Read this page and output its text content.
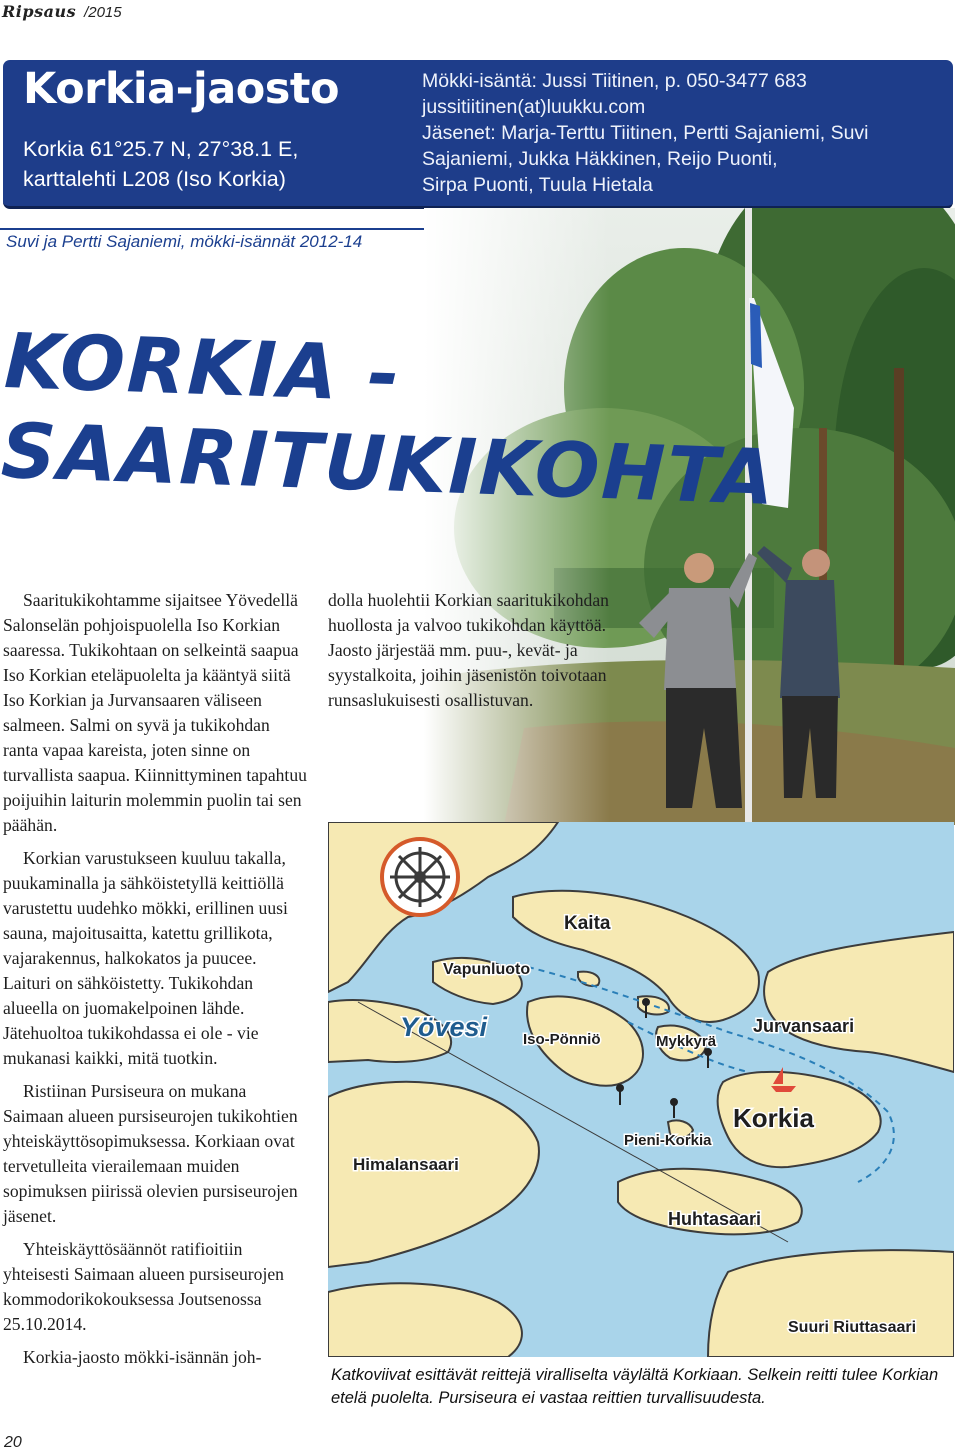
Ripsaus /2015
Korkia-jaosto
Korkia 61°25.7 N, 27°38.1 E,
karttalehti L208 (Iso Korkia)
Mökki-isäntä: Jussi Tiitinen, p. 050-3477 683
jussitiitinen(at)luukku.com
Jäsenet: Marja-Terttu Tiitinen, Pertti Sajaniemi, Suvi
Sajaniemi, Jukka Häkkinen, Reijo Puonti,
Sirpa Puonti, Tuula Hietala
Suvi ja Pertti Sajaniemi, mökki-isännät 2012-14
KORKIA -
SAARITUKIKOHTA

Saaritukikohtamme sijaitsee Yövedellä Salonselän pohjoispuolella Iso Korkian saaressa. Tukikohtaan on selkeintä saapua Iso Korkian eteläpuolelta ja kääntyä siitä Iso Korkian ja Jurvansaaren väliseen salmeen. Salmi on syvä ja tukikohdan ranta vapaa kareista, joten sinne on turvallista saapua. Kiinnittyminen tapahtuu poijuihin laiturin molemmin puolin tai sen päähän.

Korkian varustukseen kuuluu takalla, puukaminalla ja sähköistetyllä keittiöllä varustettu uudehko mökki, erillinen uusi sauna, majoitusaitta, katettu grillikota, vajarakennus, halkokatos ja puucee. Laituri on sähköistetty. Tukikohdan alueella on juomakelpoinen lähde. Jätehuoltoa tukikohdassa ei ole - vie mukanasi kaikki, mitä tuotkin.

Ristiinan Pursiseura on mukana Saimaan alueen pursiseurojen tukikohtien yhteiskäyttösopimuksessa. Korkiaan ovat tervetulleita vierailemaan muiden sopimuksen piirissä olevien pursiseurojen jäsenet.

Yhteiskäyttösäännöt ratifioitiin yhteisesti Saimaan alueen pursiseurojen kommodorikokouksessa Joutsenossa 25.10.2014.

Korkia-jaosto mökki-isännän joh-

dolla huolehtii Korkian saaritukikohdan huollosta ja valvoo tukikohdan käyttöä. Jaosto järjestää mm. puu-, kevät- ja syystalkoita, joihin jäsenistön toivotaan runsaslukuisesti osallistuvan.

Kaita
Vapunluoto
Yövesi Iso-Pönniö	Mykkyrä
Jurvansaari
Korkia
Pieni-Korkia
Himalansaari
Huhtasaari
Suuri Riuttasaari
Katkoviivat esittävät reittejä viralliselta väylältä Korkiaan. Selkein reitti tulee Korkian etelä puolelta. Pursiseura ei vastaa reittien turvallisuudesta.
20
